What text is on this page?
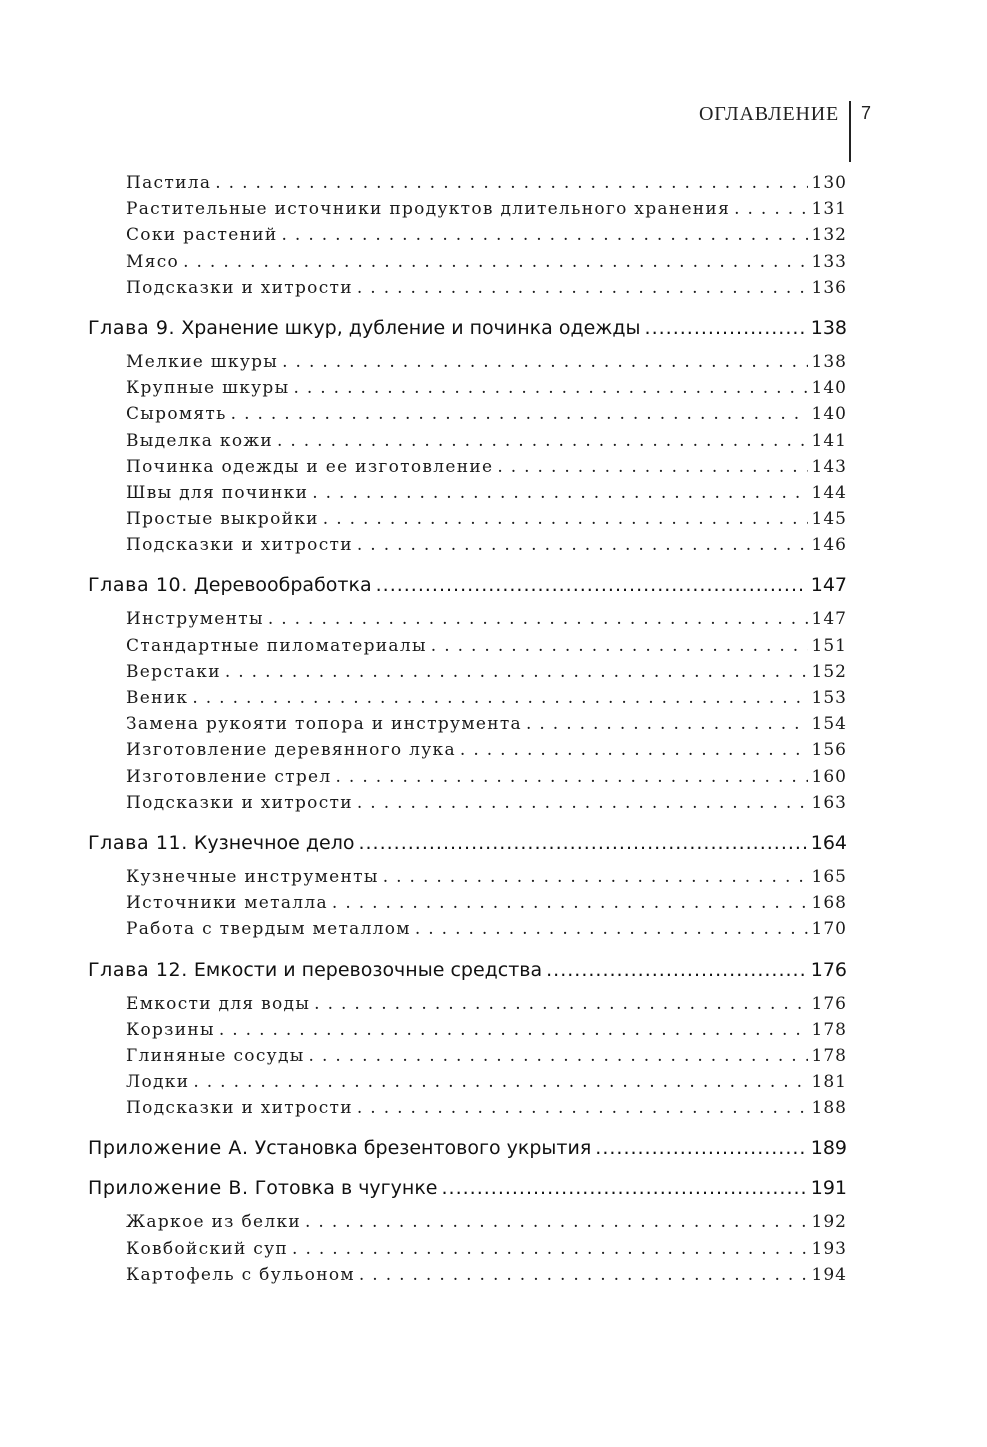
ОГЛАВЛЕНИЕ 7
Пастила . . .	130
Растительные источники продуктов длительного хранения . . .	131
Соки растений . . .	132
Мясо . . .	133
Подсказки и хитрости . . .	136
Глава 9. Хранение шкур, дубление и починка одежды .....	138
Мелкие шкуры . . .	138
Крупные шкуры . . .	140
Сыромять . . .	140
Выделка кожи . . .	141
Починка одежды и ее изготовление . . .	143
Швы для починки . . .	144
Простые выкройки . . .	145
Подсказки и хитрости . . .	146
Глава 10. Деревообработка .....	147
Инструменты . . .	147
Стандартные пиломатериалы . . .	151
Верстаки . . .	152
Веник . . .	153
Замена рукояти топора и инструмента . . .	154
Изготовление деревянного лука . . .	156
Изготовление стрел . . .	160
Подсказки и хитрости . . .	163
Глава 11. Кузнечное дело .....	164
Кузнечные инструменты . . .	165
Источники металла . . .	168
Работа с твердым металлом . . .	170
Глава 12. Емкости и перевозочные средства .....	176
Емкости для воды . . .	176
Корзины . . .	178
Глиняные сосуды . . .	178
Лодки . . .	181
Подсказки и хитрости . . .	188
Приложение А. Установка брезентового укрытия .....	189
Приложение В. Готовка в чугунке .....	191
Жаркое из белки . . .	192
Ковбойский суп . . .	193
Картофель с бульоном . . .	194
